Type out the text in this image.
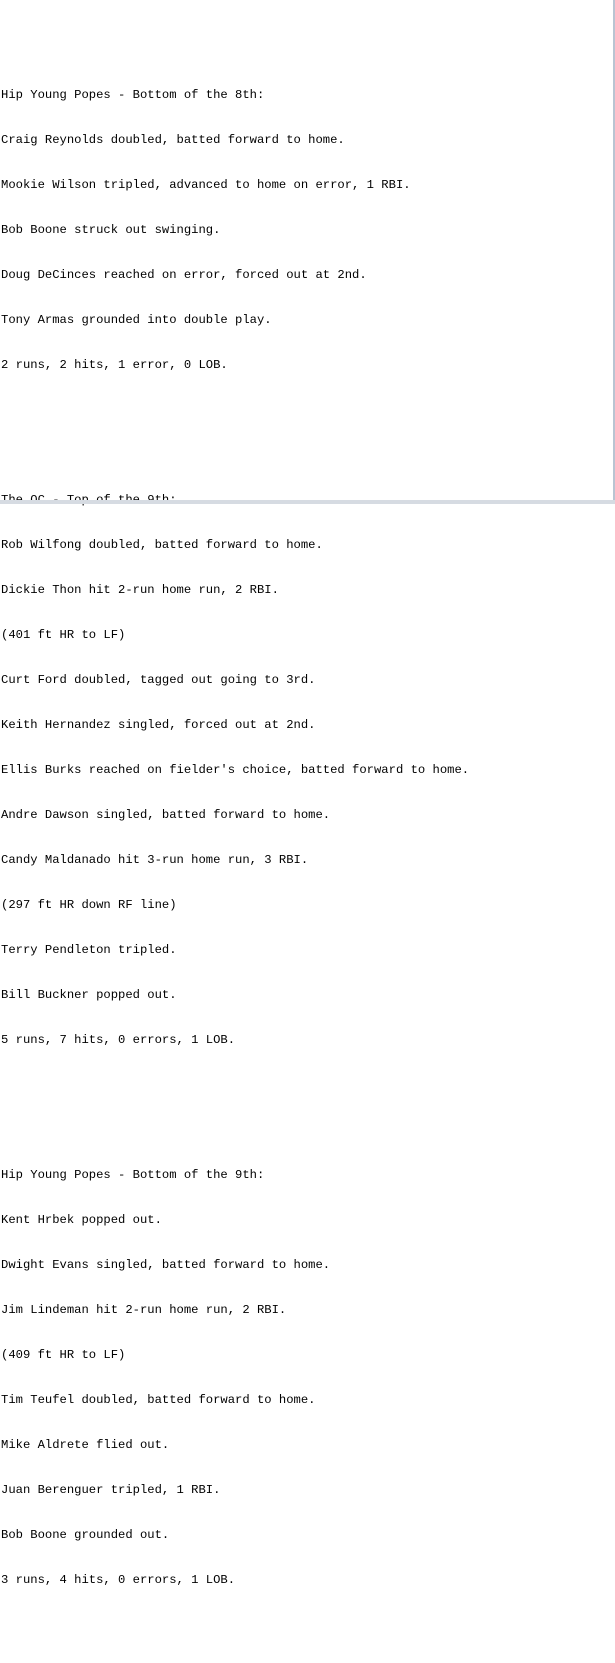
Hip Young Popes - Bottom of the 8th:

Craig Reynolds doubled, batted forward to home.

Mookie Wilson tripled, advanced to home on error, 1 RBI.

Bob Boone struck out swinging.

Doug DeCinces reached on error, forced out at 2nd.

Tony Armas grounded into double play.

2 runs, 2 hits, 1 error, 0 LOB.

Rob Wilfong doubled, batted forward to home.

Dickie Thon hit 2-run home run, 2 RBI.

(401 ft HR to LF)

Curt Ford doubled, tagged out going to 3rd.

Keith Hernandez singled, forced out at 2nd.

Ellis Burks reached on fielder's choice, batted forward to home.

Andre Dawson singled, batted forward to home.

Candy Maldanado hit 3-run home run, 3 RBI.

(297 ft HR down RF line)

Terry Pendleton tripled.

Bill Buckner popped out.

5 runs, 7 hits, 0 errors, 1 LOB.

Hip Young Popes - Bottom of the 9th:

Kent Hrbek popped out.

Dwight Evans singled, batted forward to home.

Jim Lindeman hit 2-run home run, 2 RBI.

(409 ft HR to LF)

Tim Teufel doubled, batted forward to home.

Mike Aldrete flied out.

Juan Berenguer tripled, 1 RBI.

Bob Boone grounded out.

3 runs, 4 hits, 0 errors, 1 LOB.
